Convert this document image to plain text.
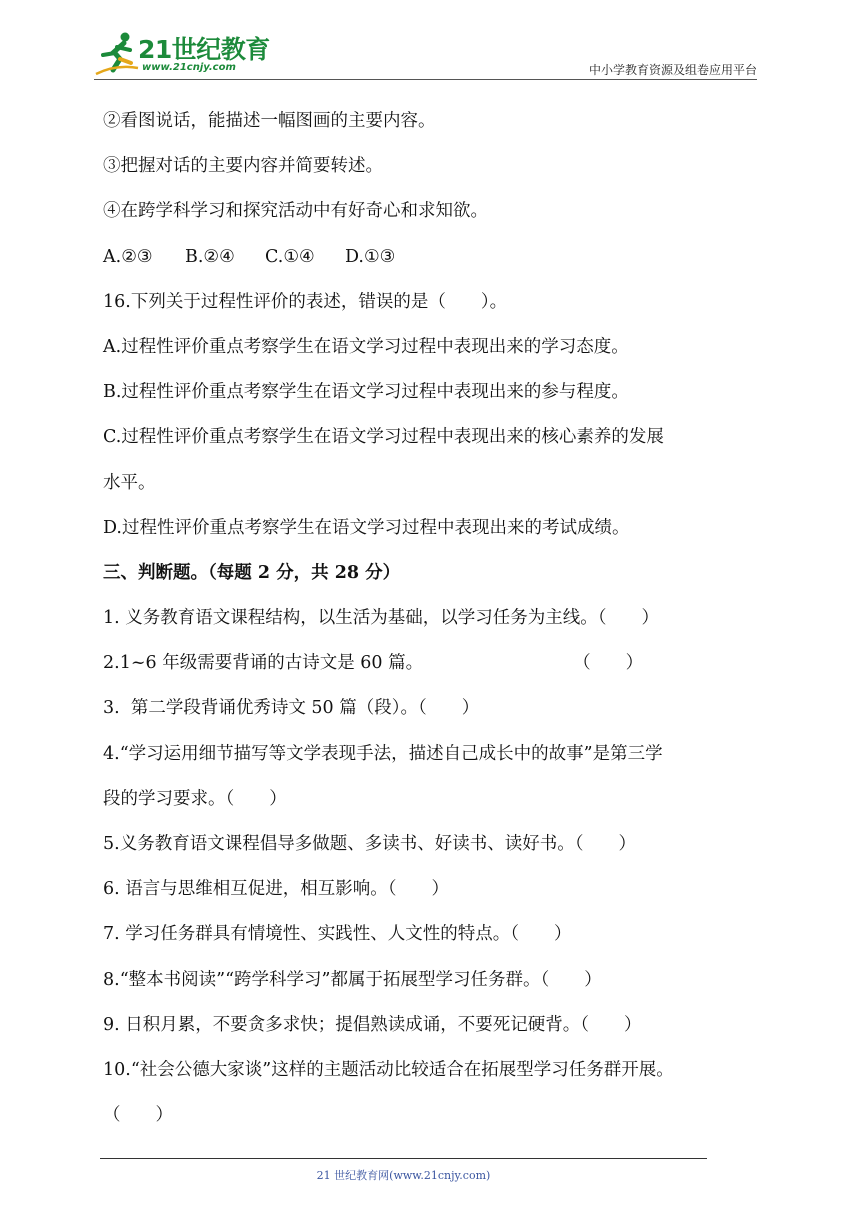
21世纪教育
www.21cnjy.com	中小学教育资源及组卷应用平台
②看图说话，能描述一幅图画的主要内容。
③把握对话的主要内容并简要转述。
④在跨学科学习和探究活动中有好奇心和求知欲。
A.②③ B.②④ C.①④ D.①③
16.下列关于过程性评价的表述，错误的是（　　）。
A.过程性评价重点考察学生在语文学习过程中表现出来的学习态度。
B.过程性评价重点考察学生在语文学习过程中表现出来的参与程度。
C.过程性评价重点考察学生在语文学习过程中表现出来的核心素养的发展
水平。
D.过程性评价重点考察学生在语文学习过程中表现出来的考试成绩。
三、判断题。（每题 2 分，共 28 分）
1. 义务教育语文课程结构，以生活为基础，以学习任务为主线。（　　）
2.1~6 年级需要背诵的古诗文是 60 篇。	（　　）
3.  第二学段背诵优秀诗文 50 篇（段）。（　　）
4.“学习运用细节描写等文学表现手法，描述自己成长中的故事”是第三学
段的学习要求。（　　）
5.义务教育语文课程倡导多做题、多读书、好读书、读好书。（　　）
6. 语言与思维相互促进，相互影响。（　　）
7. 学习任务群具有情境性、实践性、人文性的特点。（　　）
8.“整本书阅读”“跨学科学习”都属于拓展型学习任务群。（　　）
9. 日积月累，不要贪多求快；提倡熟读成诵，不要死记硬背。（　　）
10.“社会公德大家谈”这样的主题活动比较适合在拓展型学习任务群开展。
（　　）
21 世纪教育网(www.21cnjy.com)
